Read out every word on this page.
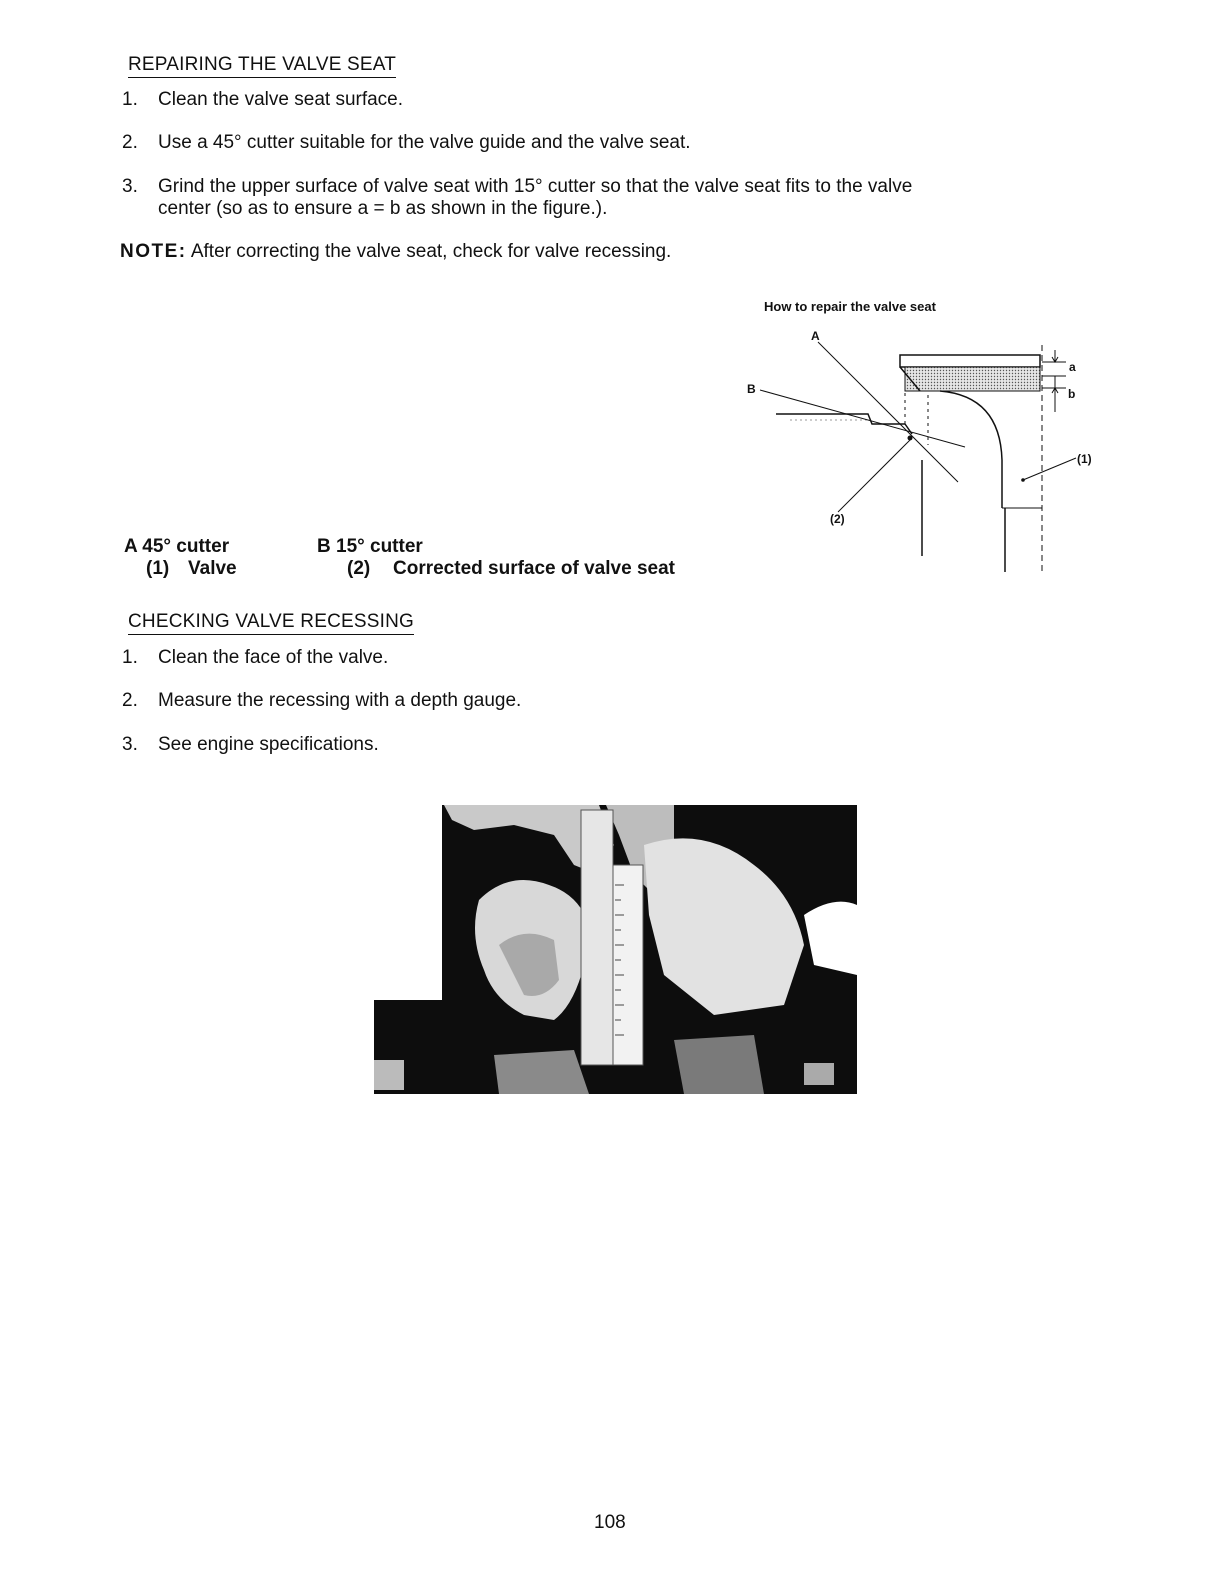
REPAIRING THE VALVE SEAT
1. Clean the valve seat surface.
2. Use a 45° cutter suitable for the valve guide and the valve seat.
3. Grind the upper surface of valve seat with 15° cutter so that the valve seat fits to the valve
center (so as to ensure a = b as shown in the figure.).
NOTE: After correcting the valve seat, check for valve recessing.
How to repair the valve seat
A
B
a
b
(1)
(2)
A 45° cutter
(1) Valve
B 15° cutter
(2) Corrected surface of valve seat
CHECKING VALVE RECESSING
1. Clean the face of the valve.
2. Measure the recessing with a depth gauge.
3. See engine specifications.
108
